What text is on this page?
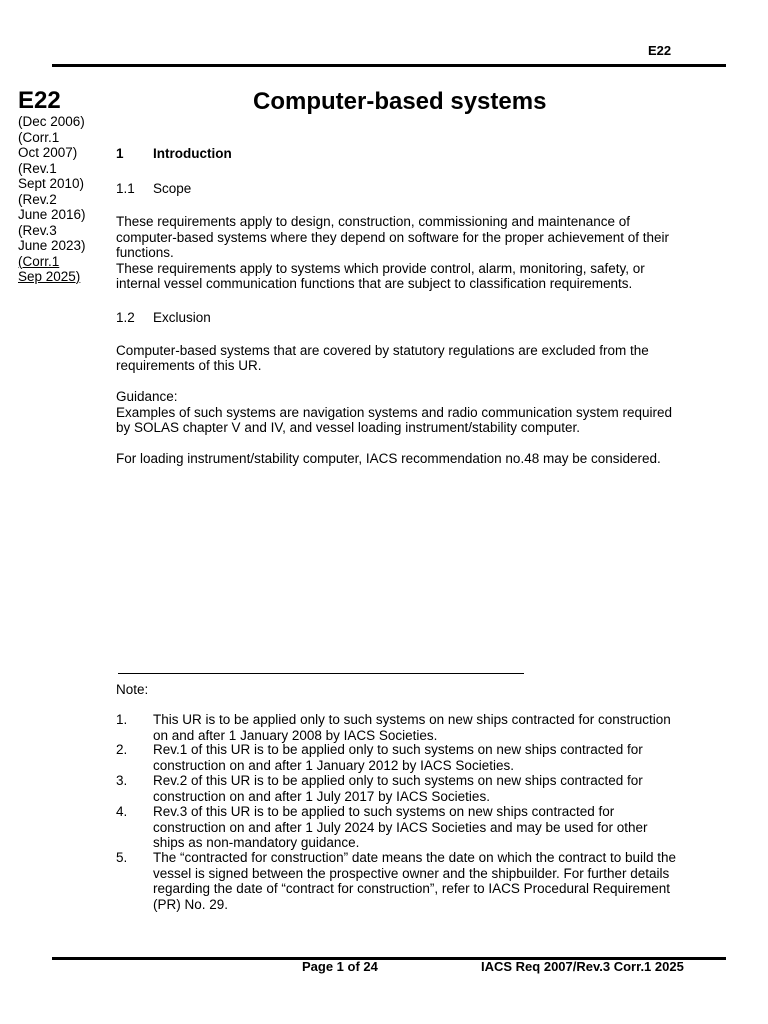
E22
E22
(Dec 2006)
(Corr.1
Oct 2007)
(Rev.1
Sept 2010)
(Rev.2
June 2016)
(Rev.3
June 2023)
(Corr.1
Sep 2025)
Computer-based systems
1 Introduction
1.1 Scope
These requirements apply to design, construction, commissioning and maintenance of
computer-based systems where they depend on software for the proper achievement of their
functions.
These requirements apply to systems which provide control, alarm, monitoring, safety, or
internal vessel communication functions that are subject to classification requirements.
1.2 Exclusion
Computer-based systems that are covered by statutory regulations are excluded from the
requirements of this UR.
Guidance:
Examples of such systems are navigation systems and radio communication system required
by SOLAS chapter V and IV, and vessel loading instrument/stability computer.
For loading instrument/stability computer, IACS recommendation no.48 may be considered.
Note:
1. This UR is to be applied only to such systems on new ships contracted for construction
on and after 1 January 2008 by IACS Societies.
2. Rev.1 of this UR is to be applied only to such systems on new ships contracted for
construction on and after 1 January 2012 by IACS Societies.
3. Rev.2 of this UR is to be applied only to such systems on new ships contracted for
construction on and after 1 July 2017 by IACS Societies.
4. Rev.3 of this UR is to be applied to such systems on new ships contracted for
construction on and after 1 July 2024 by IACS Societies and may be used for other
ships as non-mandatory guidance.
5. The “contracted for construction” date means the date on which the contract to build the
vessel is signed between the prospective owner and the shipbuilder. For further details
regarding the date of “contract for construction”, refer to IACS Procedural Requirement
(PR) No. 29.
Page 1 of 24	IACS Req 2007/Rev.3 Corr.1 2025
